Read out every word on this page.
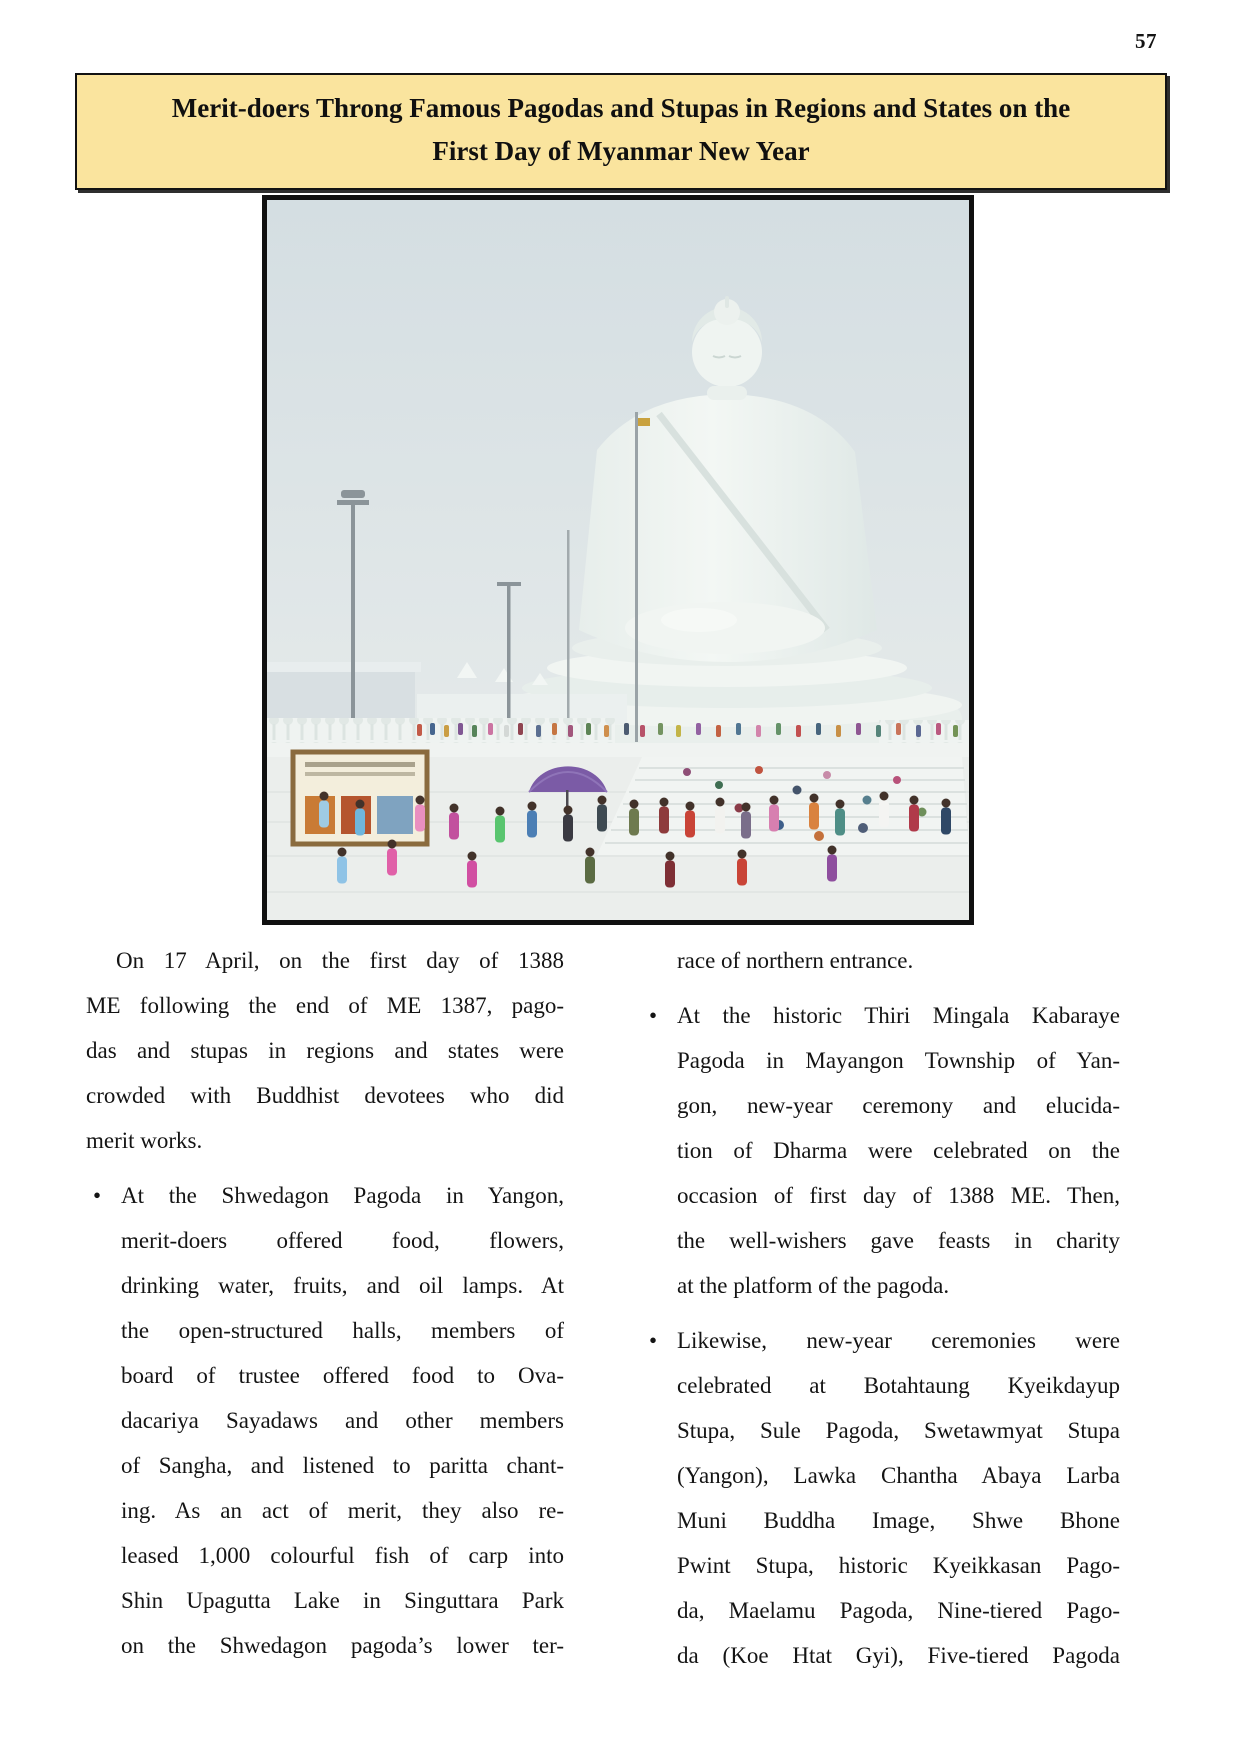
57
Merit-doers Throng Famous Pagodas and Stupas in Regions and States on the
First Day of Myanmar New Year
On 17 April, on the first day of 1388
ME following the end of ME 1387, pago-
das and stupas in regions and states were
crowded with Buddhist devotees who did
merit works.
• At the Shwedagon Pagoda in Yangon,
merit-doers offered food, flowers,
drinking water, fruits, and oil lamps. At
the open-structured halls, members of
board of trustee offered food to Ova-
dacariya Sayadaws and other members
of Sangha, and listened to paritta chant-
ing. As an act of merit, they also re-
leased 1,000 colourful fish of carp into
Shin Upagutta Lake in Singuttara Park
on the Shwedagon pagoda’s lower ter-
race of northern entrance.
• At the historic Thiri Mingala Kabaraye
Pagoda in Mayangon Township of Yan-
gon, new-year ceremony and elucida-
tion of Dharma were celebrated on the
occasion of first day of 1388 ME. Then,
the well-wishers gave feasts in charity
at the platform of the pagoda.
• Likewise, new-year ceremonies were
celebrated at Botahtaung Kyeikdayup
Stupa, Sule Pagoda, Swetawmyat Stupa
(Yangon), Lawka Chantha Abaya Larba
Muni Buddha Image, Shwe Bhone
Pwint Stupa, historic Kyeikkasan Pago-
da, Maelamu Pagoda, Nine-tiered Pago-
da (Koe Htat Gyi), Five-tiered Pagoda
